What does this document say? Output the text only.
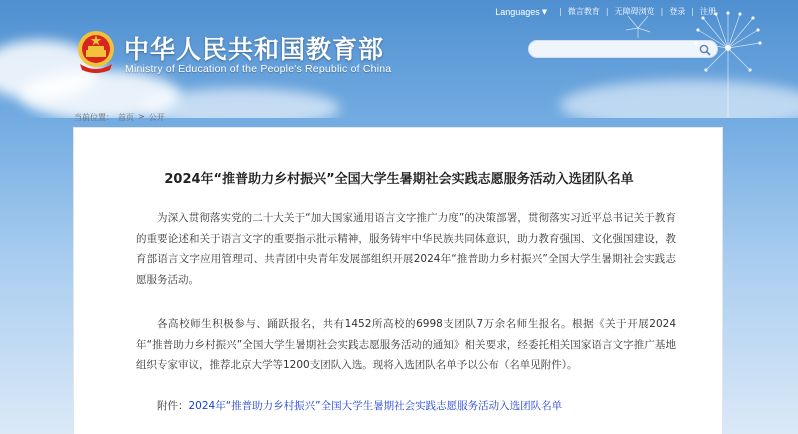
中华人民共和国教育部
Ministry of Education of the People's Republic of China
Languages ▼ | 微言教育 | 无障碍浏览 | 登录 | 注册
当前位置： 首页 > 公开
2024年“推普助力乡村振兴”全国大学生暑期社会实践志愿服务活动入选团队名单

为深入贯彻落实党的二十大关于“加大国家通用语言文字推广力度”的决策部署，贯彻落实习近平总书记关于教育的重要论述和关于语言文字的重要指示批示精神，服务铸牢中华民族共同体意识，助力教育强国、文化强国建设，教育部语言文字应用管理司、共青团中央青年发展部组织开展2024年“推普助力乡村振兴”全国大学生暑期社会实践志愿服务活动。

各高校师生积极参与、踊跃报名，共有1452所高校的6998支团队7万余名师生报名。根据《关于开展2024年“推普助力乡村振兴”全国大学生暑期社会实践志愿服务活动的通知》相关要求，经委托相关国家语言文字推广基地组织专家审议，推荐北京大学等1200支团队入选。现将入选团队名单予以公布（名单见附件）。

附件：2024年“推普助力乡村振兴”全国大学生暑期社会实践志愿服务活动入选团队名单
